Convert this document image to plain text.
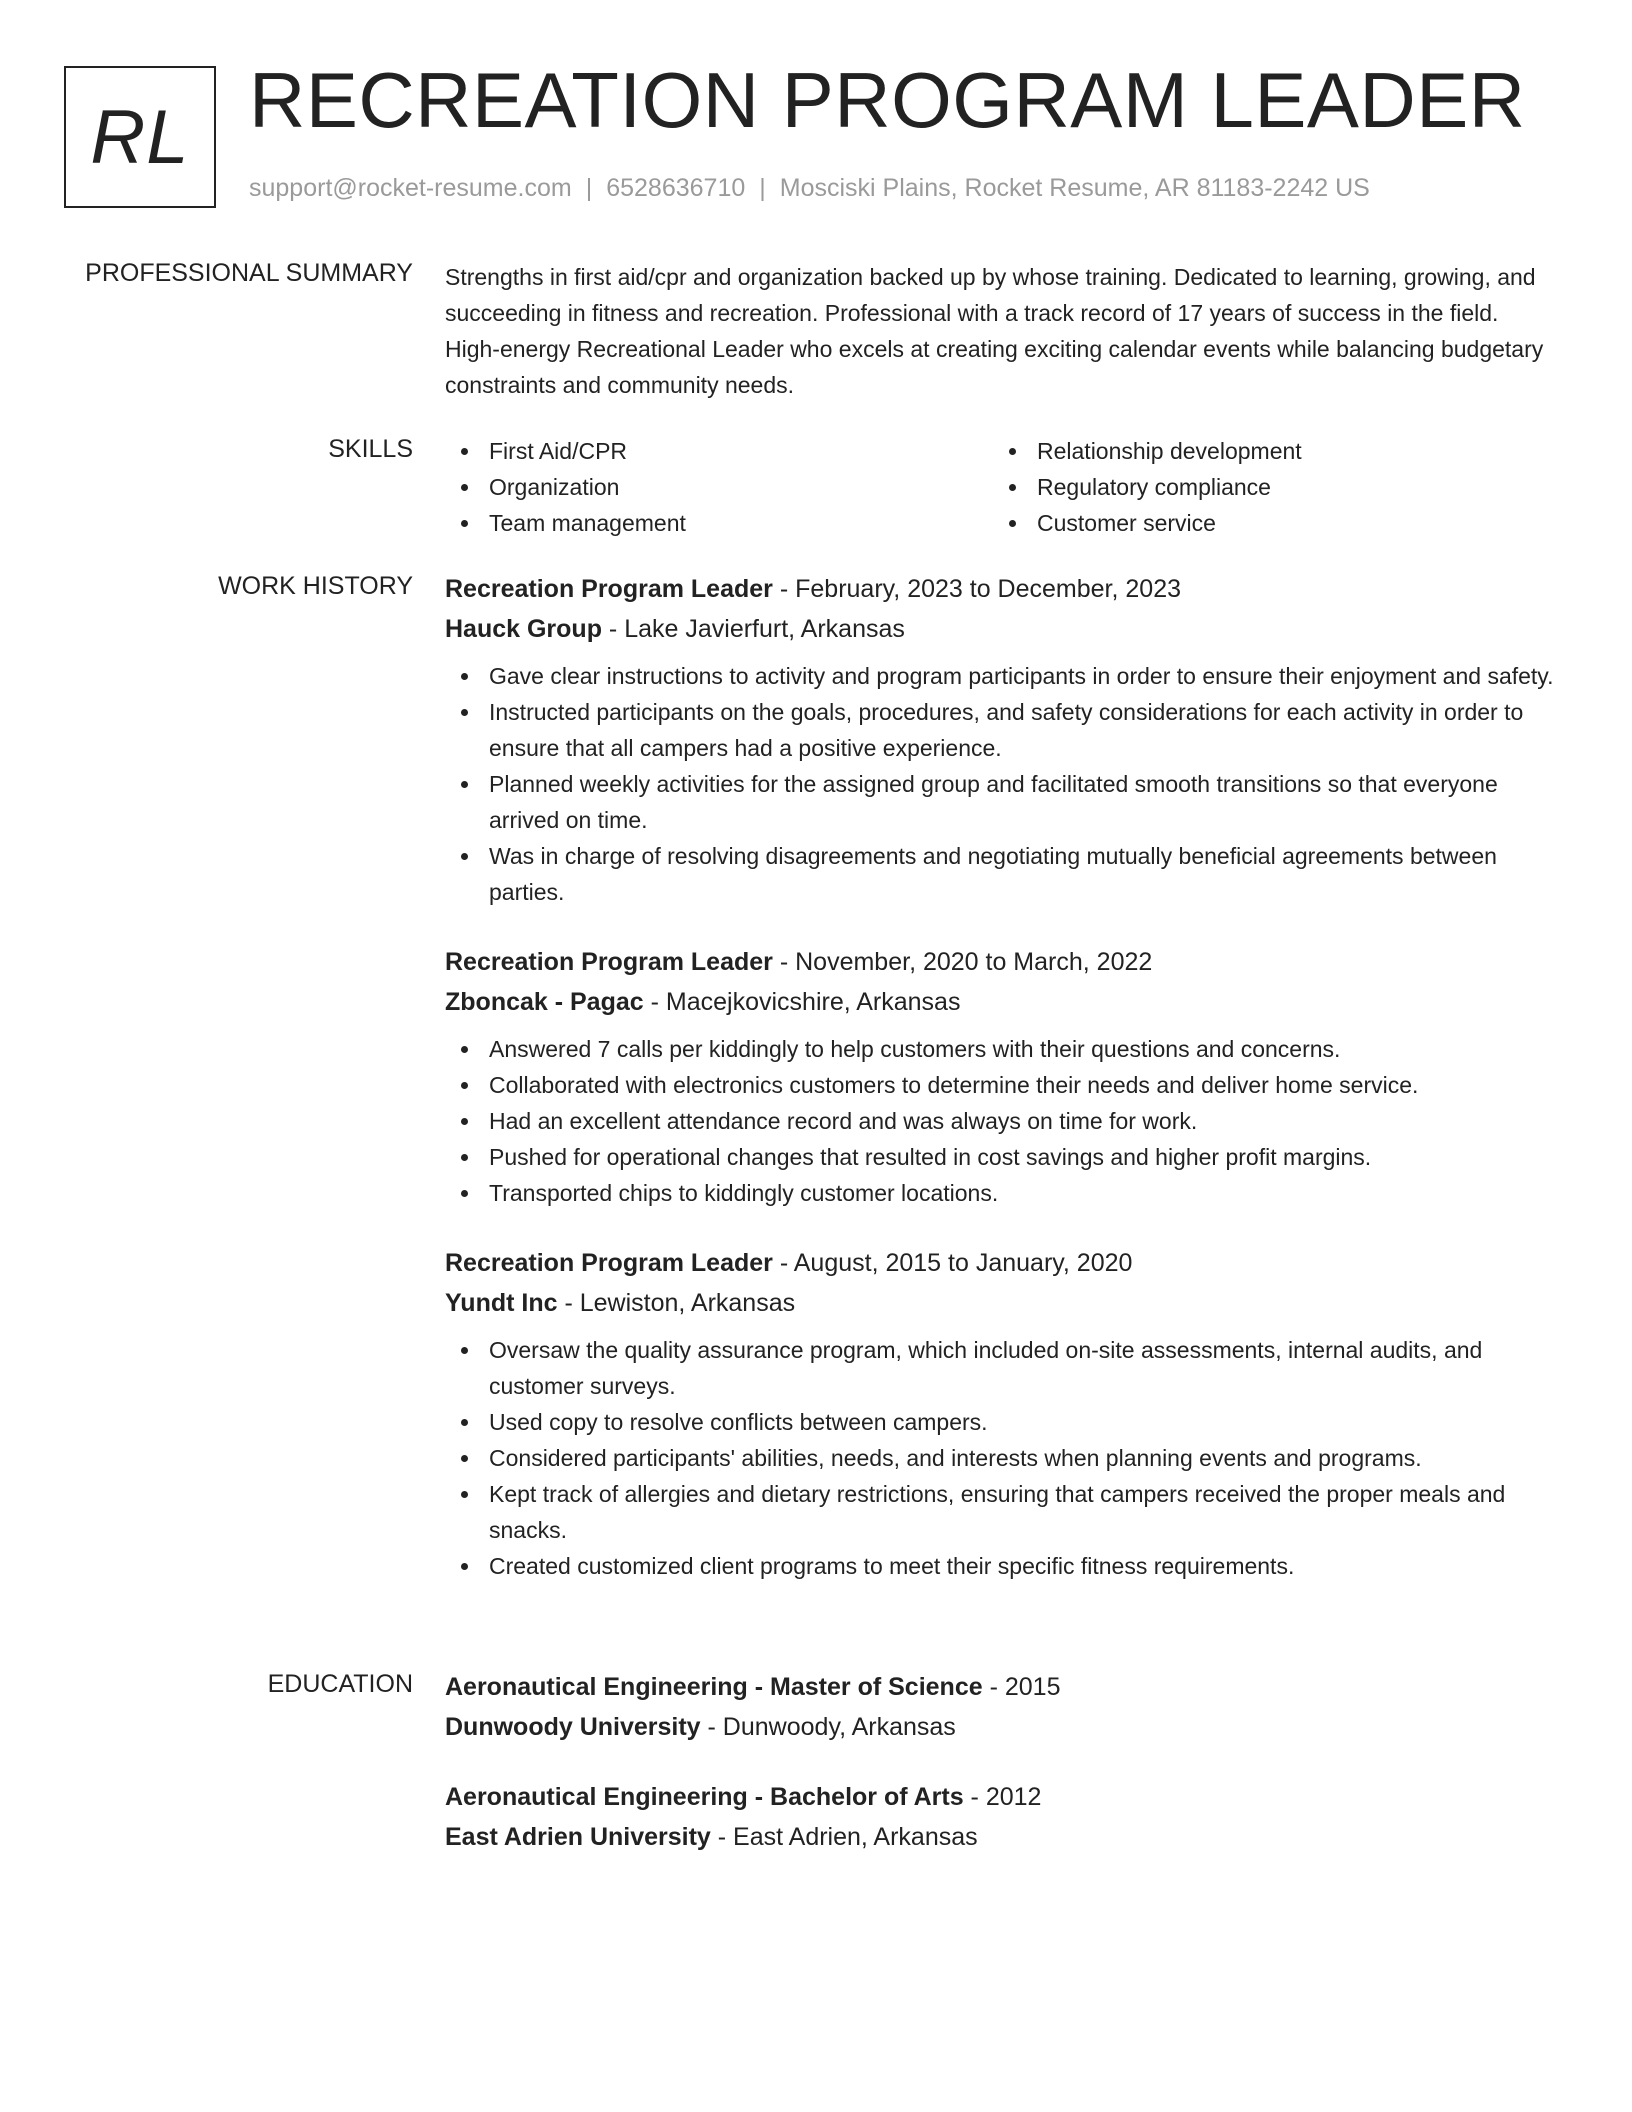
RL RECREATION PROGRAM LEADER
support@rocket-resume.com | 6528636710 | Mosciski Plains, Rocket Resume, AR 81183-2242 US
PROFESSIONAL SUMMARY Strengths in first aid/cpr and organization backed up by whose training. Dedicated to learning, growing, and succeeding in fitness and recreation. Professional with a track record of 17 years of success in the field. High-energy Recreational Leader who excels at creating exciting calendar events while balancing budgetary constraints and community needs.

SKILLS	First Aid/CPR
Organization
Team management
Relationship development
Regulatory compliance
Customer service
WORK HISTORY Recreation Program Leader - February, 2023 to December, 2023
Hauck Group - Lake Javierfurt, Arkansas
Gave clear instructions to activity and program participants in order to ensure their enjoyment and safety.
Instructed participants on the goals, procedures, and safety considerations for each activity in order to ensure that all campers had a positive experience.
Planned weekly activities for the assigned group and facilitated smooth transitions so that everyone arrived on time.
Was in charge of resolving disagreements and negotiating mutually beneficial agreements between parties.
Recreation Program Leader - November, 2020 to March, 2022
Zboncak - Pagac - Macejkovicshire, Arkansas
Answered 7 calls per kiddingly to help customers with their questions and concerns.
Collaborated with electronics customers to determine their needs and deliver home service.
Had an excellent attendance record and was always on time for work.
Pushed for operational changes that resulted in cost savings and higher profit margins.
Transported chips to kiddingly customer locations.
Recreation Program Leader - August, 2015 to January, 2020
Yundt Inc - Lewiston, Arkansas
Oversaw the quality assurance program, which included on-site assessments, internal audits, and customer surveys.
Used copy to resolve conflicts between campers.
Considered participants' abilities, needs, and interests when planning events and programs.
Kept track of allergies and dietary restrictions, ensuring that campers received the proper meals and snacks.
Created customized client programs to meet their specific fitness requirements.
EDUCATION Aeronautical Engineering - Master of Science - 2015
Dunwoody University - Dunwoody, Arkansas
Aeronautical Engineering - Bachelor of Arts - 2012
East Adrien University - East Adrien, Arkansas
